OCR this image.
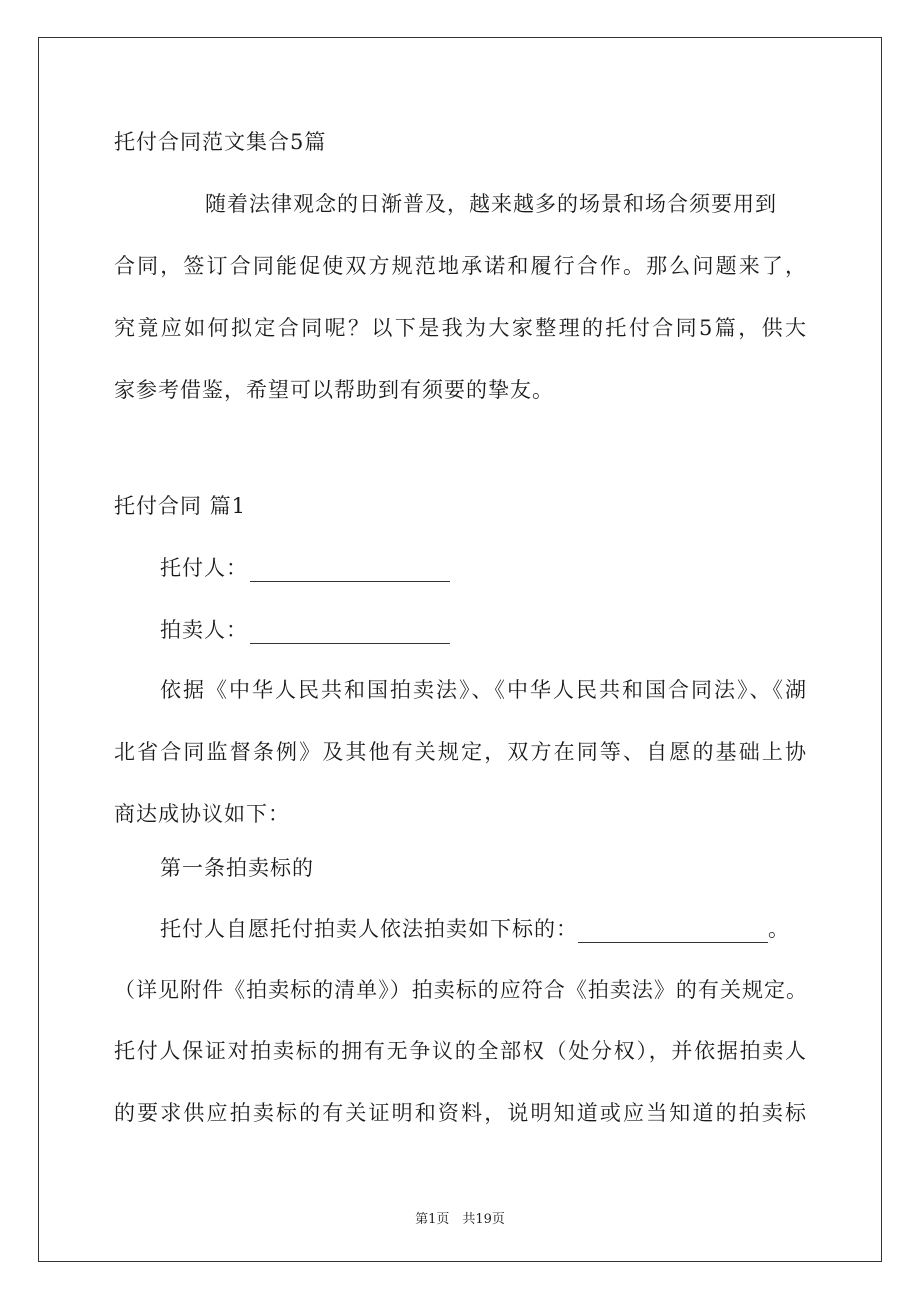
托付合同范文集合5篇
随着法律观念的日渐普及，越来越多的场景和场合须要用到
合同，签订合同能促使双方规范地承诺和履行合作。那么问题来了，
究竟应如何拟定合同呢？以下是我为大家整理的托付合同5篇，供大
家参考借鉴，希望可以帮助到有须要的挚友。
托付合同 篇1
托付人：
拍卖人：
依据《中华人民共和国拍卖法》、《中华人民共和国合同法》、《湖
北省合同监督条例》及其他有关规定，双方在同等、自愿的基础上协
商达成协议如下：
第一条拍卖标的
托付人自愿托付拍卖人依法拍卖如下标的：	。
（详见附件《拍卖标的清单》）拍卖标的应符合《拍卖法》的有关规定。
托付人保证对拍卖标的拥有无争议的全部权（处分权），并依据拍卖人
的要求供应拍卖标的有关证明和资料，说明知道或应当知道的拍卖标
第1页　共19页
